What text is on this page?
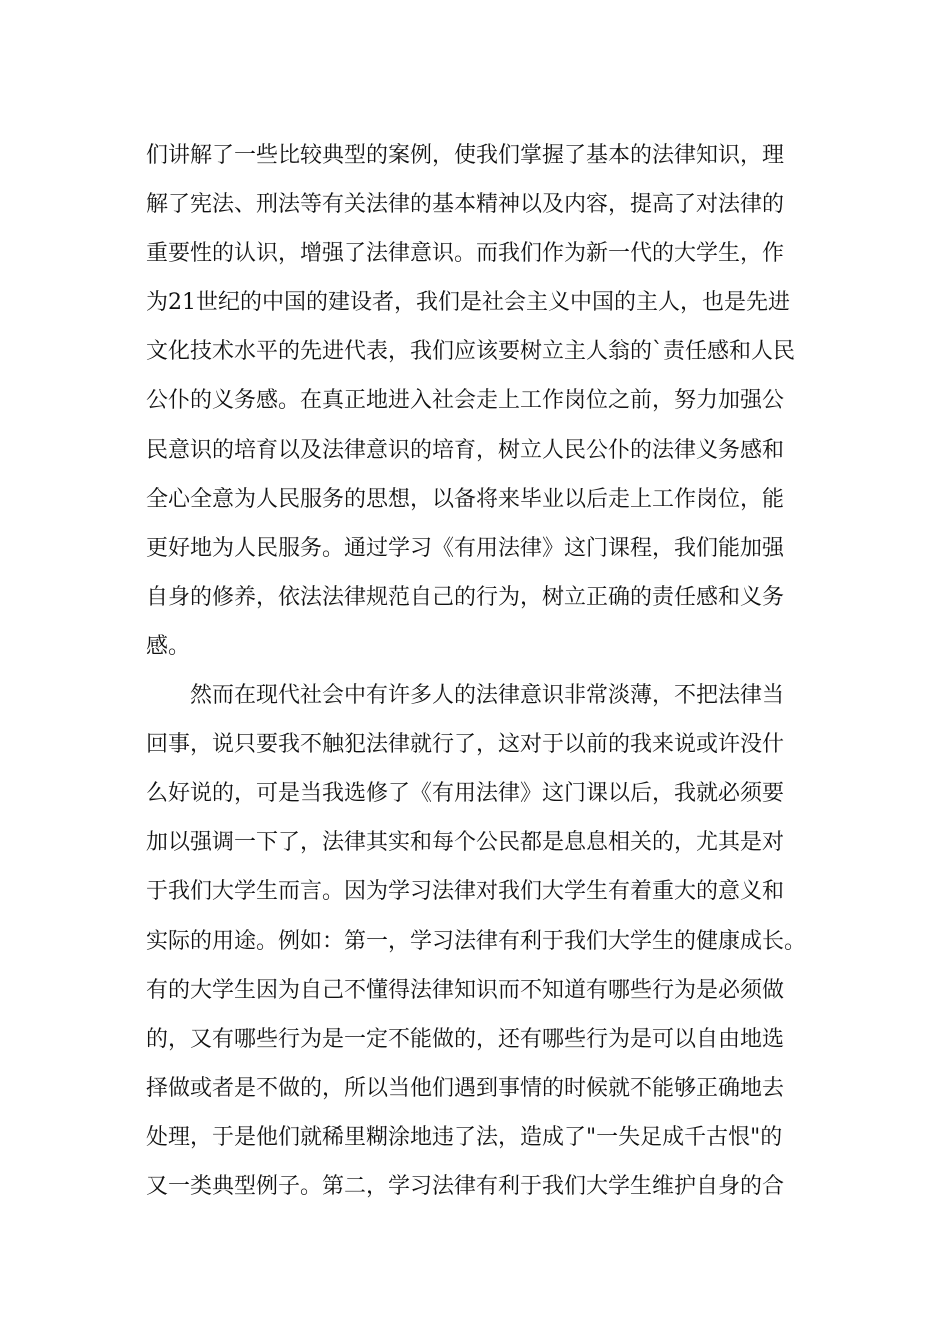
们讲解了一些比较典型的案例，使我们掌握了基本的法律知识，理
解了宪法、刑法等有关法律的基本精神以及内容，提高了对法律的
重要性的认识，增强了法律意识。而我们作为新一代的大学生，作
为21世纪的中国的建设者，我们是社会主义中国的主人，也是先进
文化技术水平的先进代表，我们应该要树立主人翁的`责任感和人民
公仆的义务感。在真正地进入社会走上工作岗位之前，努力加强公
民意识的培育以及法律意识的培育，树立人民公仆的法律义务感和
全心全意为人民服务的思想，以备将来毕业以后走上工作岗位，能
更好地为人民服务。通过学习《有用法律》这门课程，我们能加强
自身的修养，依法法律规范自己的行为，树立正确的责任感和义务
感。
然而在现代社会中有许多人的法律意识非常淡薄，不把法律当
回事，说只要我不触犯法律就行了，这对于以前的我来说或许没什
么好说的，可是当我选修了《有用法律》这门课以后，我就必须要
加以强调一下了，法律其实和每个公民都是息息相关的，尤其是对
于我们大学生而言。因为学习法律对我们大学生有着重大的意义和
实际的用途。例如：第一，学习法律有利于我们大学生的健康成长。
有的大学生因为自己不懂得法律知识而不知道有哪些行为是必须做
的，又有哪些行为是一定不能做的，还有哪些行为是可以自由地选
择做或者是不做的，所以当他们遇到事情的时候就不能够正确地去
处理，于是他们就稀里糊涂地违了法，造成了"一失足成千古恨"的
又一类典型例子。第二，学习法律有利于我们大学生维护自身的合
